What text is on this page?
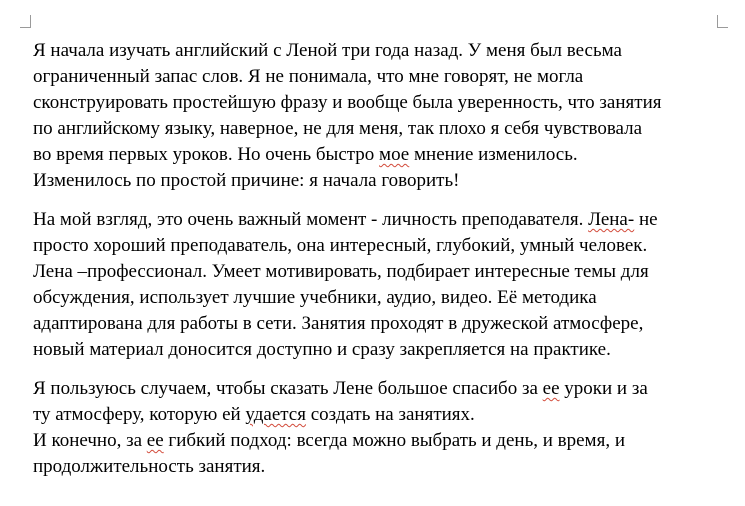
Я начала изучать английский с Леной три года назад. У меня был весьма
ограниченный запас слов. Я не понимала, что мне говорят, не могла
сконструировать простейшую фразу и вообще была уверенность, что занятия
по английскому языку, наверное, не для меня, так плохо я себя чувствовала
во время первых уроков. Но очень быстро мое мнение изменилось.
Изменилось по простой причине: я начала говорить!

На мой взгляд, это очень важный момент - личность преподавателя. Лена- не
просто хороший преподаватель, она интересный, глубокий, умный человек.
Лена –профессионал. Умеет мотивировать, подбирает интересные темы для
обсуждения, использует лучшие учебники, аудио, видео. Её методика
адаптирована для работы в сети. Занятия проходят в дружеской атмосфере,
новый материал доносится доступно и сразу закрепляется на практике.

Я пользуюсь случаем, чтобы сказать Лене большое спасибо за ее уроки и за
ту атмосферу, которую ей удается создать на занятиях.
И конечно, за ее гибкий подход: всегда можно выбрать и день, и время, и
продолжительность занятия.
